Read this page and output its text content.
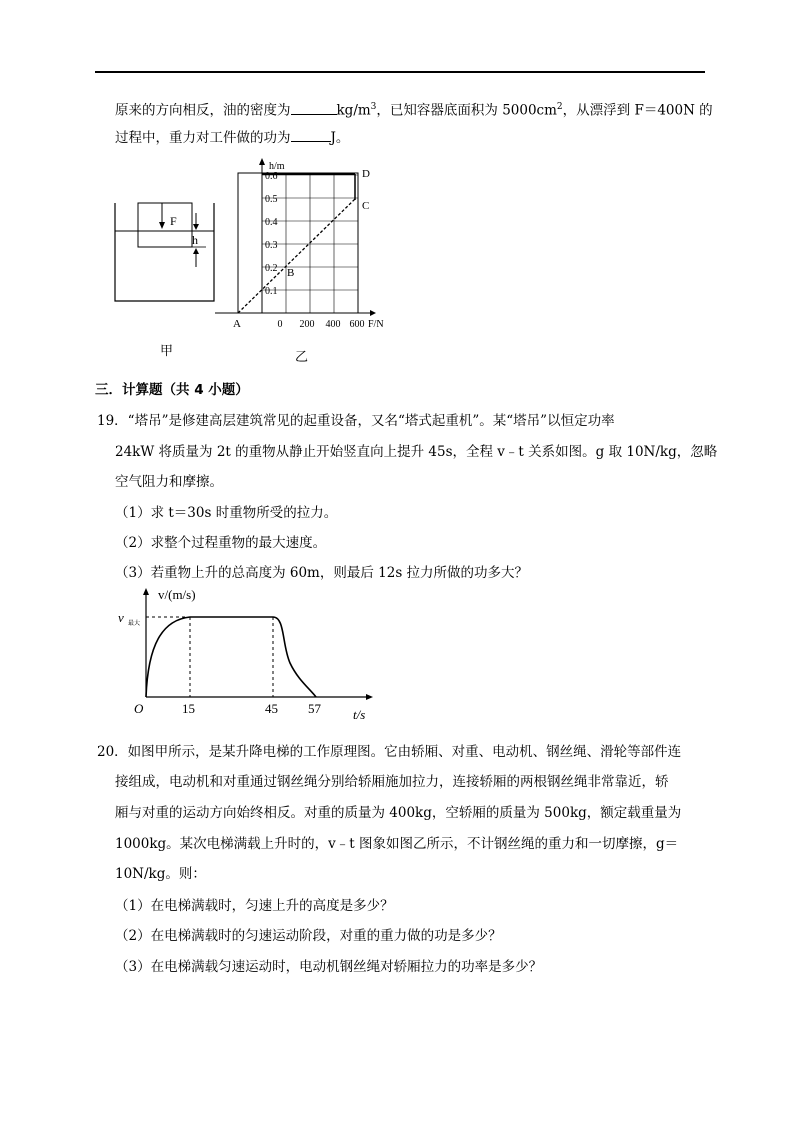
原来的方向相反，油的密度为	$kg/m^3$，已知容器底面积为 $5000cm^2$，从漂浮到 F＝400N 的
过程中，重力对工件做的功为	J。
F
h
甲
0.1
0.2
0.3
0.4
0.5
0.6
0 200 400 600
h/m
F/N
A
B
C
D
乙
三．计算题（共 4 小题）
19．“塔吊”是修建高层建筑常见的起重设备，又名“塔式起重机”。某“塔吊”以恒定功率
24kW 将质量为 2t 的重物从静止开始竖直向上提升 45s，全程 v﹣t 关系如图。g 取 10N/kg，忽略
空气阻力和摩擦。
（1）求 t＝30s 时重物所受的拉力。
（2）求整个过程重物的最大速度。
（3）若重物上升的总高度为 60m，则最后 12s 拉力所做的功多大？
v/(m/s)
t/s
v 最大
O	15	45 57
20．如图甲所示，是某升降电梯的工作原理图。它由轿厢、对重、电动机、钢丝绳、滑轮等部件连
接组成，电动机和对重通过钢丝绳分别给轿厢施加拉力，连接轿厢的两根钢丝绳非常靠近，轿
厢与对重的运动方向始终相反。对重的质量为 400kg，空轿厢的质量为 500kg，额定载重量为
1000kg。某次电梯满载上升时的，v﹣t 图象如图乙所示，不计钢丝绳的重力和一切摩擦，g＝
10N/kg。则：
（1）在电梯满载时，匀速上升的高度是多少？
（2）在电梯满载时的匀速运动阶段，对重的重力做的功是多少？
（3）在电梯满载匀速运动时，电动机钢丝绳对轿厢拉力的功率是多少？
